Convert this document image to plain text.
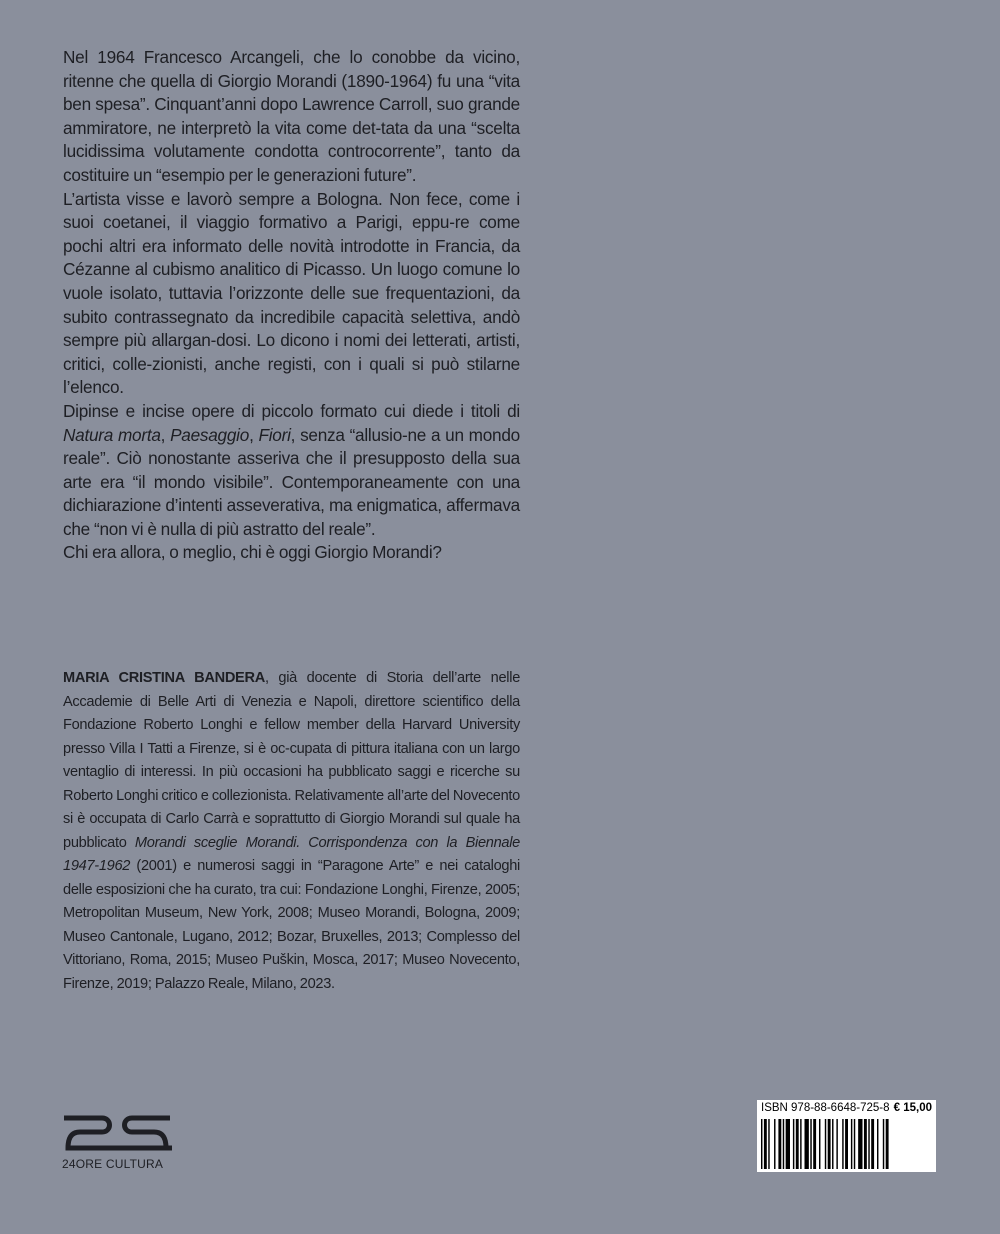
Nel 1964 Francesco Arcangeli, che lo conobbe da vicino, ritenne che quella di Giorgio Morandi (1890-1964) fu una “vita ben spesa”. Cinquant’anni dopo Lawrence Carroll, suo grande ammiratore, ne interpretò la vita come det-tata da una “scelta lucidissima volutamente condotta controcorrente”, tanto da costituire un “esempio per le generazioni future”.

L’artista visse e lavorò sempre a Bologna. Non fece, come i suoi coetanei, il viaggio formativo a Parigi, eppu-re come pochi altri era informato delle novità introdotte in Francia, da Cézanne al cubismo analitico di Picasso. Un luogo comune lo vuole isolato, tuttavia l’orizzonte delle sue frequentazioni, da subito contrassegnato da incredibile capacità selettiva, andò sempre più allargan-dosi. Lo dicono i nomi dei letterati, artisti, critici, colle-zionisti, anche registi, con i quali si può stilarne l’elenco.

Dipinse e incise opere di piccolo formato cui diede i titoli di Natura morta, Paesaggio, Fiori, senza “allusio-ne a un mondo reale”. Ciò nonostante asseriva che il presupposto della sua arte era “il mondo visibile”. Contemporaneamente con una dichiarazione d’intenti asseverativa, ma enigmatica, affermava che “non vi è nulla di più astratto del reale”.

Chi era allora, o meglio, chi è oggi Giorgio Morandi?

MARIA CRISTINA BANDERA, già docente di Storia dell’arte nelle Accademie di Belle Arti di Venezia e Napoli, direttore scientifico della Fondazione Roberto Longhi e fellow member della Harvard University presso Villa I Tatti a Firenze, si è oc-cupata di pittura italiana con un largo ventaglio di interessi. In più occasioni ha pubblicato saggi e ricerche su Roberto Longhi critico e collezionista. Relativamente all’arte del Novecento si è occupata di Carlo Carrà e soprattutto di Giorgio Morandi sul quale ha pubblicato Morandi sceglie Morandi. Corrispondenza con la Biennale 1947-1962 (2001) e numerosi saggi in “Paragone Arte” e nei cataloghi delle esposizioni che ha curato, tra cui: Fondazione Longhi, Firenze, 2005; Metropolitan Museum, New York, 2008; Museo Morandi, Bologna, 2009; Museo Cantonale, Lugano, 2012; Bozar, Bruxelles, 2013; Complesso del Vittoriano, Roma, 2015; Museo Puškin, Mosca, 2017; Museo Novecento, Firenze, 2019; Palazzo Reale, Milano, 2023.
24ORE CULTURA
ISBN 978-88-6648-725-8 € 15,00
